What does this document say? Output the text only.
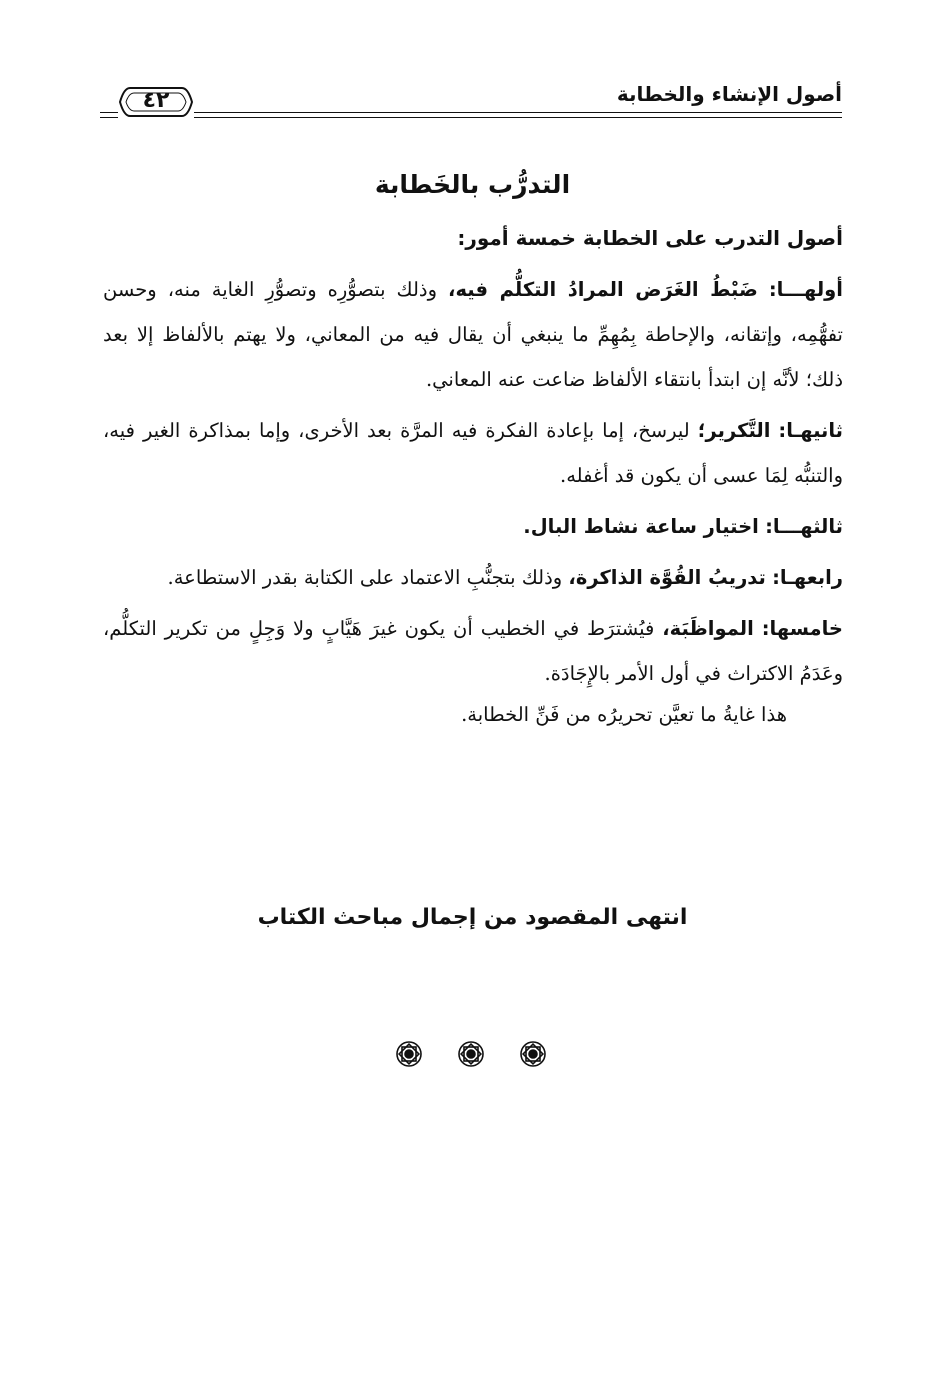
أصول الإنشاء والخطابة
٤٢
التدرُّب بالخَطابة

أصول التدرب على الخطابة خمسة أمور:

أولهـــا: ضَبْطُ الغَرَض المرادُ التكلُّم فيه، وذلك بتصوُّرِه وتصوُّرِ الغاية منه، وحسن تفهُّمِه، وإتقانه، والإحاطة بِمُهِمِّ ما ينبغي أن يقال فيه من المعاني، ولا يهتم بالألفاظ إلا بعد ذلك؛ لأنَّه إن ابتدأ بانتقاء الألفاظ ضاعت عنه المعاني.

ثانيهـا: التَّكرير؛ ليرسخ، إما بإعادة الفكرة فيه المرَّة بعد الأخرى، وإما بمذاكرة الغير فيه، والتنبُّه لِمَا عسى أن يكون قد أغفله.

ثالثهـــا: اختيار ساعة نشاط البال.

رابعهـا: تدريبُ القُوَّة الذاكرة، وذلك بتجنُّبِ الاعتماد على الكتابة بقدر الاستطاعة.

خامسها: المواظَبَة، فيُشترَط في الخطيب أن يكون غيرَ هَيَّابٍ ولا وَجِلٍ من تكرير التكلُّم، وعَدَمُ الاكتراث في أول الأمر بالإِجَادَة.

هذا غايةُ ما تعيَّن تحريرُه من فَنِّ الخطابة.

انتهى المقصود من إجمال مباحث الكتاب
